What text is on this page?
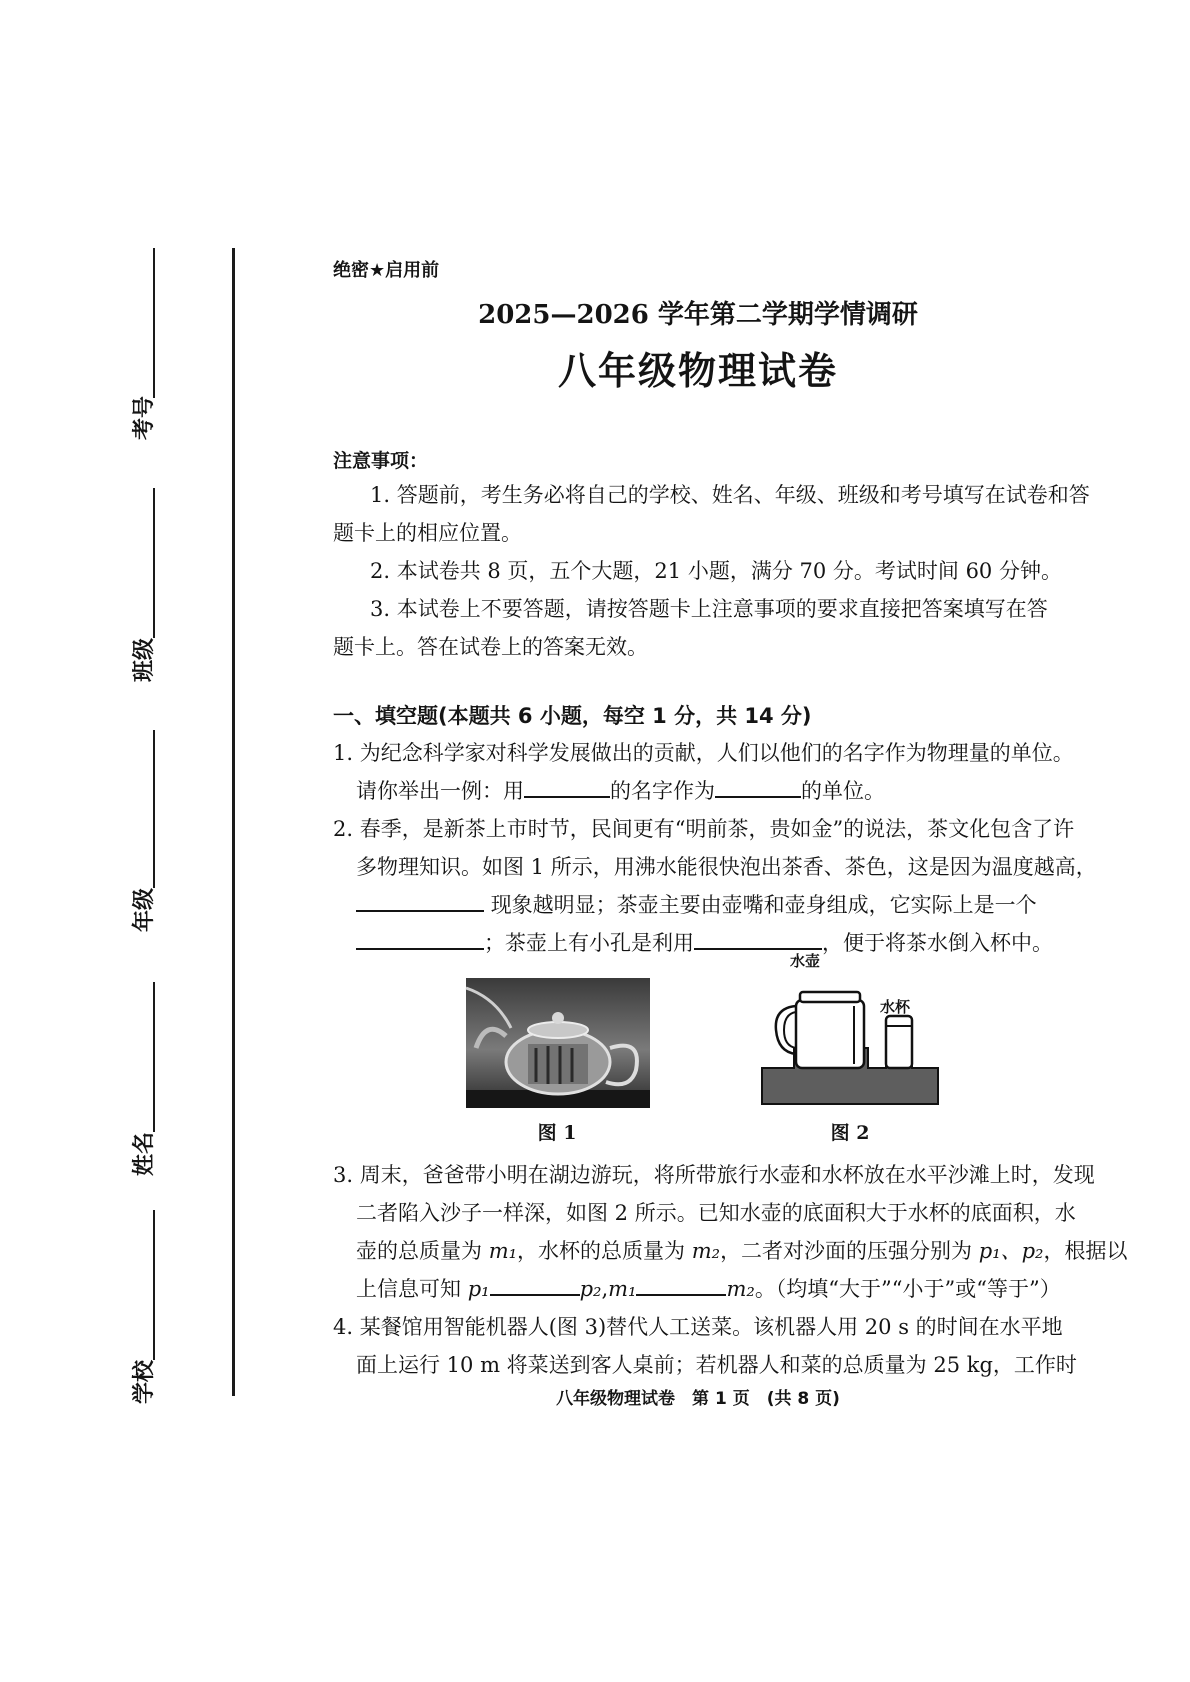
考号
班级
年级
姓名
学校
绝密★启用前
2025—2026 学年第二学期学情调研
八年级物理试卷
注意事项：
1. 答题前，考生务必将自己的学校、姓名、年级、班级和考号填写在试卷和答
题卡上的相应位置。
2. 本试卷共 8 页，五个大题，21 小题，满分 70 分。考试时间 60 分钟。
3. 本试卷上不要答题，请按答题卡上注意事项的要求直接把答案填写在答
题卡上。答在试卷上的答案无效。
一、填空题(本题共 6 小题，每空 1 分，共 14 分)
1. 为纪念科学家对科学发展做出的贡献，人们以他们的名字作为物理量的单位。
请你举出一例：用	的名字作为	的单位。
2. 春季，是新茶上市时节，民间更有“明前茶，贵如金”的说法，茶文化包含了许
多物理知识。如图 1 所示，用沸水能很快泡出茶香、茶色，这是因为温度越高，
现象越明显；茶壶主要由壶嘴和壶身组成，它实际上是一个
；茶壶上有小孔是利用	，便于将茶水倒入杯中。
图 1
水壶
水杯
图 2
3. 周末，爸爸带小明在湖边游玩，将所带旅行水壶和水杯放在水平沙滩上时，发现
二者陷入沙子一样深，如图 2 所示。已知水壶的底面积大于水杯的底面积，水
壶的总质量为 m₁，水杯的总质量为 m₂，二者对沙面的压强分别为 p₁、p₂，根据以
上信息可知 p₁	p₂,m₁	m₂。（均填“大于”“小于”或“等于”）
4. 某餐馆用智能机器人(图 3)替代人工送菜。该机器人用 20 s 的时间在水平地
面上运行 10 m 将菜送到客人桌前；若机器人和菜的总质量为 25 kg，工作时
八年级物理试卷　第 1 页　(共 8 页)
